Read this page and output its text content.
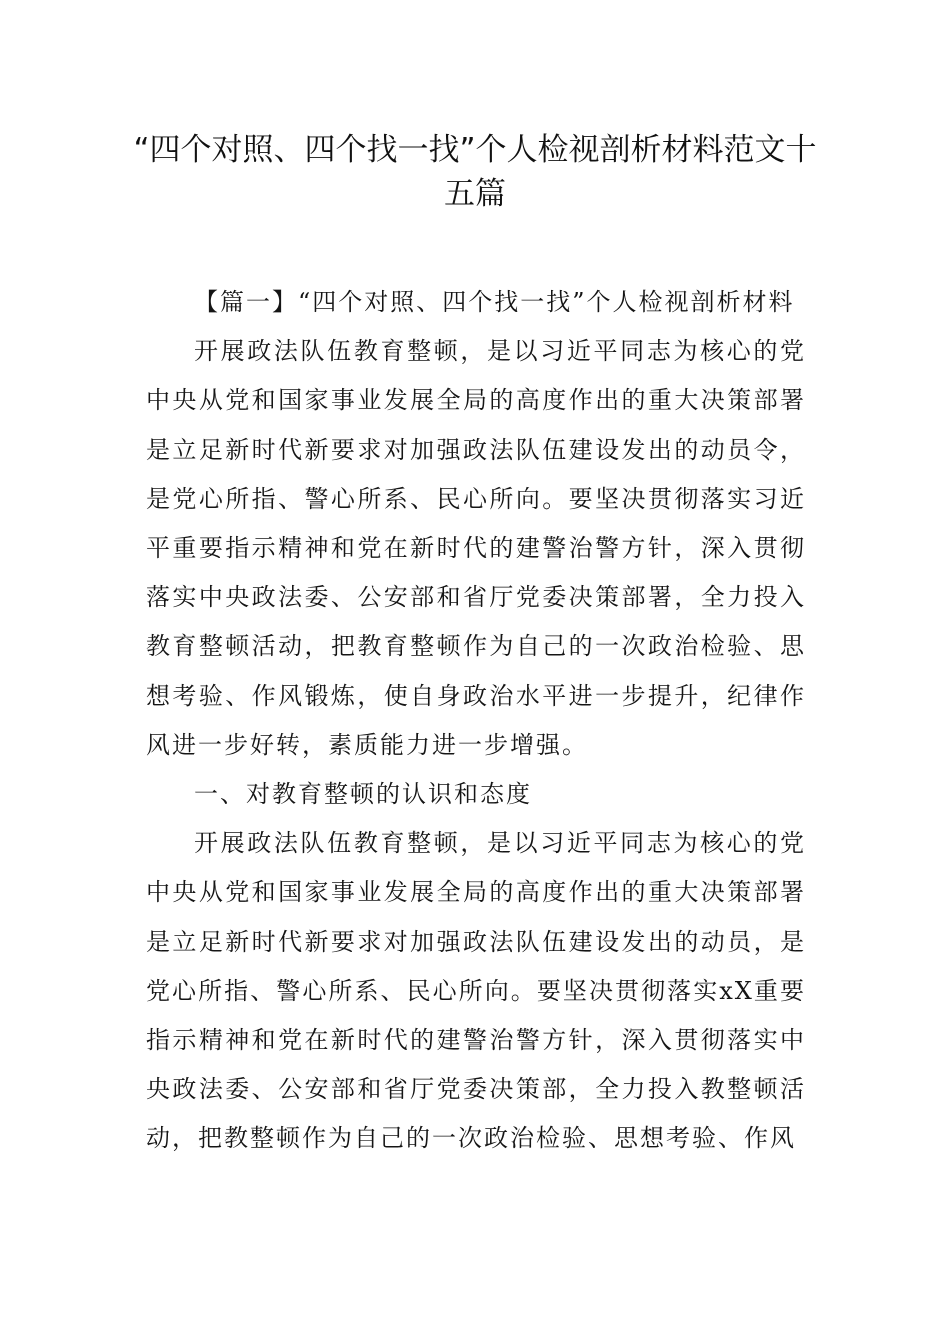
“四个对照、四个找一找”个人检视剖析材料范文十五篇

【篇一】“四个对照、四个找一找”个人检视剖析材料

开展政法队伍教育整顿，是以习近平同志为核心的党中央从党和国家事业发展全局的高度作出的重大决策部署是立足新时代新要求对加强政法队伍建设发出的动员令，是党心所指、警心所系、民心所向。要坚决贯彻落实习近平重要指示精神和党在新时代的建警治警方针，深入贯彻落实中央政法委、公安部和省厅党委决策部署，全力投入教育整顿活动，把教育整顿作为自己的一次政治检验、思想考验、作风锻炼，使自身政治水平进一步提升，纪律作风进一步好转，素质能力进一步增强。

一、对教育整顿的认识和态度

开展政法队伍教育整顿，是以习近平同志为核心的党中央从党和国家事业发展全局的高度作出的重大决策部署是立足新时代新要求对加强政法队伍建设发出的动员，是党心所指、警心所系、民心所向。要坚决贯彻落实xX重要指示精神和党在新时代的建警治警方针，深入贯彻落实中央政法委、公安部和省厅党委决策部，全力投入教整顿活动，把教整顿作为自己的一次政治检验、思想考验、作风
